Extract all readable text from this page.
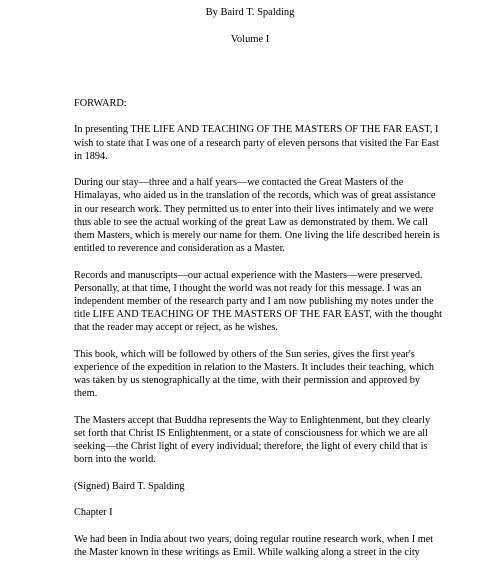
By Baird T. Spalding
Volume I

FORWARD:

In presenting THE LIFE AND TEACHING OF THE MASTERS OF THE FAR EAST, I
wish to state that I was one of a research party of eleven persons that visited the Far East
in 1894.

During our stay—three and a half years—we contacted the Great Masters of the
Himalayas, who aided us in the translation of the records, which was of great assistance
in our research work. They permitted us to enter into their lives intimately and we were
thus able to see the actual working of the great Law as demonstrated by them. We call
them Masters, which is merely our name for them. One living the life described herein is
entitled to reverence and consideration as a Master.

Records and manuscripts—our actual experience with the Masters—were preserved.
Personally, at that time, I thought the world was not ready for this message. I was an
independent member of the research party and I am now publishing my notes under the
title LIFE AND TEACHING OF THE MASTERS OF THE FAR EAST, with the thought
that the reader may accept or reject, as he wishes.

This book, which will be followed by others of the Sun series, gives the first year's
experience of the expedition in relation to the Masters. It includes their teaching, which
was taken by us stenographically at the time, with their permission and approved by
them.

The Masters accept that Buddha represents the Way to Enlightenment, but they clearly
set forth that Christ IS Enlightenment, or a state of consciousness for which we are all
seeking—the Christ light of every individual; therefore, the light of every child that is
born into the world.

(Signed) Baird T. Spalding

Chapter I

We had been in India about two years, doing regular routine research work, when I met
the Master known in these writings as Emil. While walking along a street in the city
